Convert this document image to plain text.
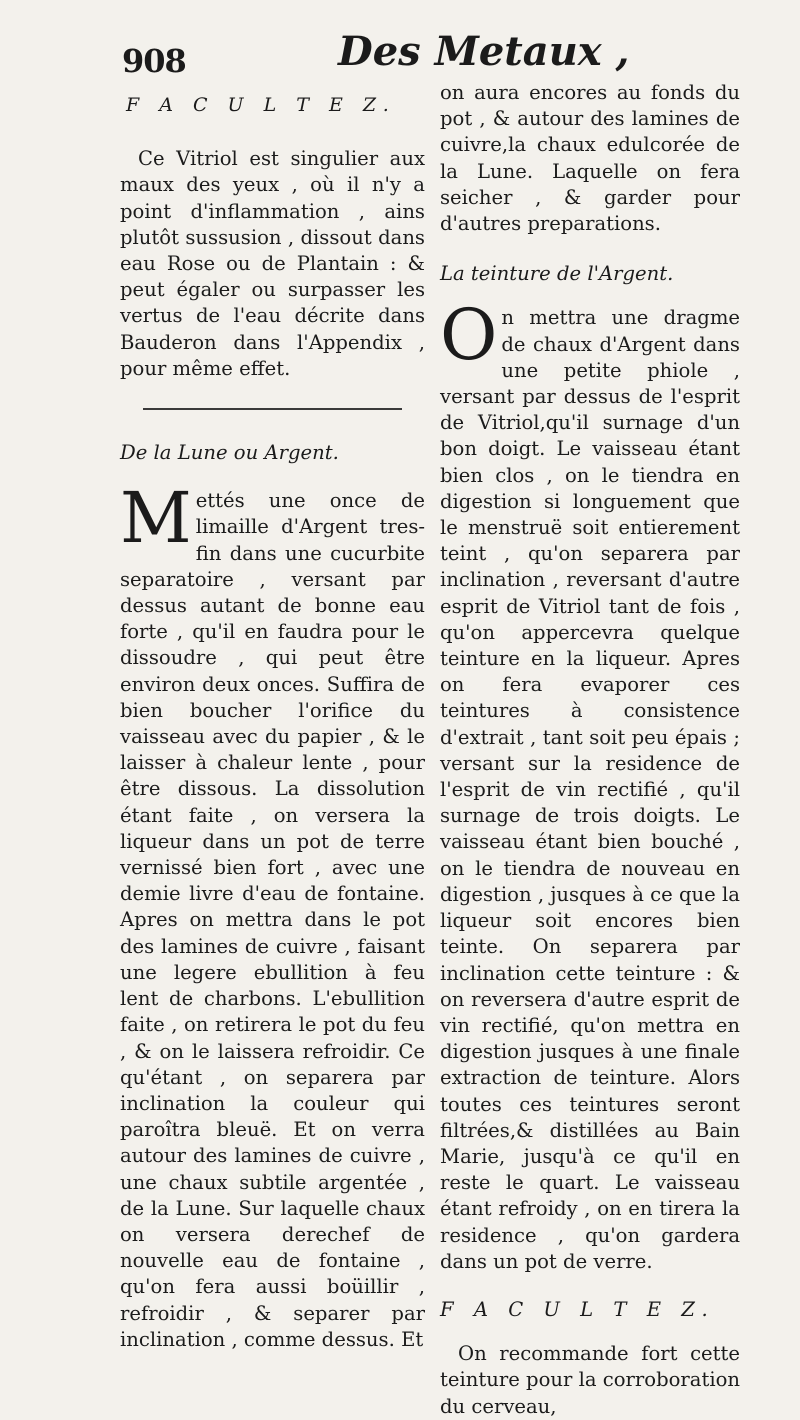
908	Des Metaux ,

F A C U L T E Z.

Ce Vitriol est singulier aux maux des yeux , où il n'y a point d'inflammation , ains plutôt sussusion , dissout dans eau Rose ou de Plantain : & peut égaler ou surpasser les vertus de l'eau décrite dans Bauderon dans l'Appendix , pour même effet.

De la Lune ou Argent.

Mettés une once de limaille d'Argent tres-fin dans une cucurbite separatoire , versant par dessus autant de bonne eau forte , qu'il en faudra pour le dissoudre , qui peut être environ deux onces. Suffira de bien boucher l'orifice du vaisseau avec du papier , & le laisser à chaleur lente , pour être dissous. La dissolution étant faite , on versera la liqueur dans un pot de terre vernissé bien fort , avec une demie livre d'eau de fontaine. Apres on mettra dans le pot des lamines de cuivre , faisant une legere ebullition à feu lent de charbons. L'ebullition faite , on retirera le pot du feu , & on le laissera refroidir. Ce qu'étant , on separera par inclination la couleur qui paroîtra bleuë. Et on verra autour des lamines de cuivre , une chaux subtile argentée , de la Lune. Sur laquelle chaux on versera derechef de nouvelle eau de fontaine , qu'on fera aussi boüillir , refroidir , & separer par inclination , comme dessus. Et

on aura encores au fonds du pot , & autour des lamines de cuivre,la chaux edulcorée de la Lune. Laquelle on fera seicher , & garder pour d'autres preparations.

La teinture de l'Argent.

On mettra une dragme de chaux d'Argent dans une petite phiole , versant par dessus de l'esprit de Vitriol,qu'il surnage d'un bon doigt. Le vaisseau étant bien clos , on le tiendra en digestion si longuement que le menstruë soit entierement teint , qu'on separera par inclination , reversant d'autre esprit de Vitriol tant de fois , qu'on appercevra quelque teinture en la liqueur. Apres on fera evaporer ces teintures à consistence d'extrait , tant soit peu épais ; versant sur la residence de l'esprit de vin rectifié , qu'il surnage de trois doigts. Le vaisseau étant bien bouché , on le tiendra de nouveau en digestion , jusques à ce que la liqueur soit encores bien teinte. On separera par inclination cette teinture : & on reversera d'autre esprit de vin rectifié, qu'on mettra en digestion jusques à une finale extraction de teinture. Alors toutes ces teintures seront filtrées,& distillées au Bain Marie, jusqu'à ce qu'il en reste le quart. Le vaisseau étant refroidy , on en tirera la residence , qu'on gardera dans un pot de verre.

F A C U L T E Z.

On recommande fort cette teinture pour la corroboration du cerveau,
